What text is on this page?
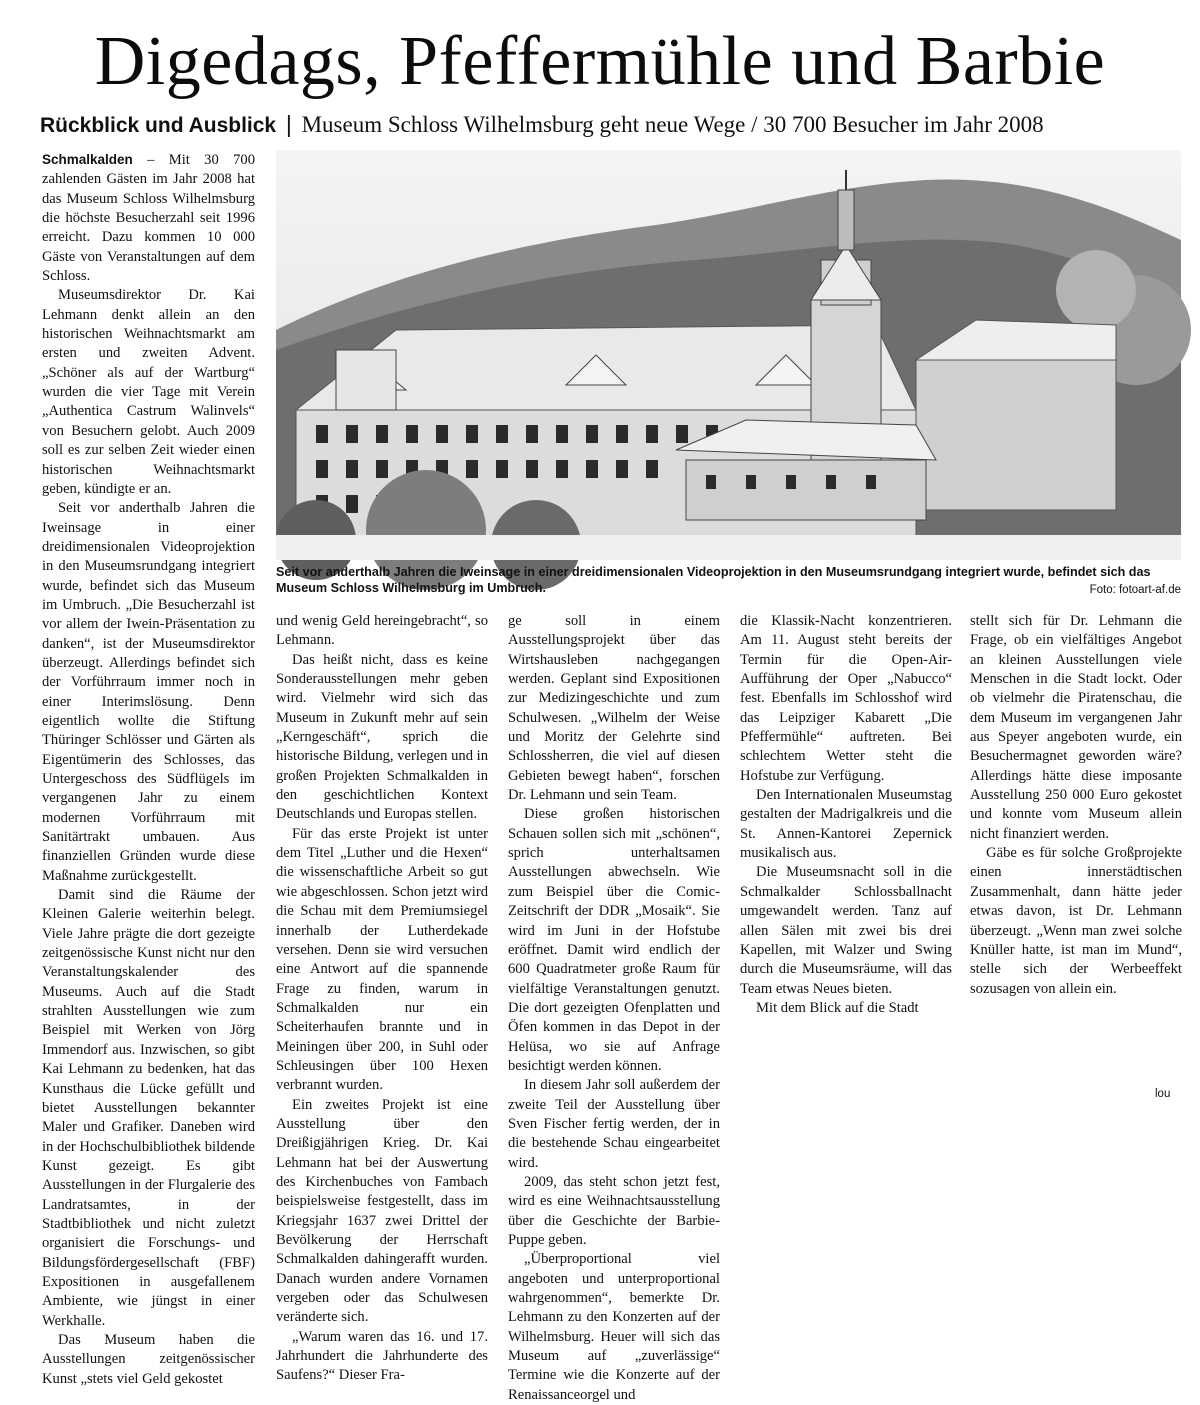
Digedags, Pfeffermühle und Barbie
Rückblick und Ausblick | Museum Schloss Wilhelmsburg geht neue Wege / 30 700 Besucher im Jahr 2008
Seit vor anderthalb Jahren die Iweinsage in einer dreidimensionalen Videoprojektion in den Museumsrundgang integriert wurde, befindet sich das Museum Schloss Wilhelmsburg im Umbruch.	Foto: fotoart-af.de

Schmalkalden – Mit 30 700 zahlenden Gästen im Jahr 2008 hat das Museum Schloss Wilhelmsburg die höchste Besucherzahl seit 1996 erreicht. Dazu kommen 10 000 Gäste von Veranstaltungen auf dem Schloss.

Museumsdirektor Dr. Kai Lehmann denkt allein an den historischen Weihnachtsmarkt am ersten und zweiten Advent. „Schöner als auf der Wartburg“ wurden die vier Tage mit Verein „Authentica Castrum Walinvels“ von Besuchern gelobt. Auch 2009 soll es zur selben Zeit wieder einen historischen Weihnachtsmarkt geben, kündigte er an.

Seit vor anderthalb Jahren die Iweinsage in einer dreidimensionalen Videoprojektion in den Museumsrundgang integriert wurde, befindet sich das Museum im Umbruch. „Die Besucherzahl ist vor allem der Iwein-Präsentation zu danken“, ist der Museumsdirektor überzeugt. Allerdings befindet sich der Vorführraum immer noch in einer Interimslösung. Denn eigentlich wollte die Stiftung Thüringer Schlösser und Gärten als Eigentümerin des Schlosses, das Untergeschoss des Südflügels im vergangenen Jahr zu einem modernen Vorführraum mit Sanitärtrakt umbauen. Aus finanziellen Gründen wurde diese Maßnahme zurückgestellt.

Damit sind die Räume der Kleinen Galerie weiterhin belegt. Viele Jahre prägte die dort gezeigte zeitgenössische Kunst nicht nur den Veranstaltungskalender des Museums. Auch auf die Stadt strahlten Ausstellungen wie zum Beispiel mit Werken von Jörg Immendorf aus. Inzwischen, so gibt Kai Lehmann zu bedenken, hat das Kunsthaus die Lücke gefüllt und bietet Ausstellungen bekannter Maler und Grafiker. Daneben wird in der Hochschulbibliothek bildende Kunst gezeigt. Es gibt Ausstellungen in der Flurgalerie des Landratsamtes, in der Stadtbibliothek und nicht zuletzt organisiert die Forschungs- und Bildungsfördergesellschaft (FBF) Expositionen in ausgefallenem Ambiente, wie jüngst in einer Werkhalle.

Das Museum haben die Ausstellungen zeitgenössischer Kunst „stets viel Geld gekostet

und wenig Geld hereingebracht“, so Lehmann.

Das heißt nicht, dass es keine Sonderausstellungen mehr geben wird. Vielmehr wird sich das Museum in Zukunft mehr auf sein „Kerngeschäft“, sprich die historische Bildung, verlegen und in großen Projekten Schmalkalden in den geschichtlichen Kontext Deutschlands und Europas stellen.

Für das erste Projekt ist unter dem Titel „Luther und die Hexen“ die wissenschaftliche Arbeit so gut wie abgeschlossen. Schon jetzt wird die Schau mit dem Premiumsiegel innerhalb der Lutherdekade versehen. Denn sie wird versuchen eine Antwort auf die spannende Frage zu finden, warum in Schmalkalden nur ein Scheiterhaufen brannte und in Meiningen über 200, in Suhl oder Schleusingen über 100 Hexen verbrannt wurden.

Ein zweites Projekt ist eine Ausstellung über den Dreißigjährigen Krieg. Dr. Kai Lehmann hat bei der Auswertung des Kirchenbuches von Fambach beispielsweise festgestellt, dass im Kriegsjahr 1637 zwei Drittel der Bevölkerung der Herrschaft Schmalkalden dahingerafft wurden. Danach wurden andere Vornamen vergeben oder das Schulwesen veränderte sich.

„Warum waren das 16. und 17. Jahrhundert die Jahrhunderte des Saufens?“ Dieser Fra-

ge soll in einem Ausstellungsprojekt über das Wirtshausleben nachgegangen werden. Geplant sind Expositionen zur Medizingeschichte und zum Schulwesen. „Wilhelm der Weise und Moritz der Gelehrte sind Schlossherren, die viel auf diesen Gebieten bewegt haben“, forschen Dr. Lehmann und sein Team.

Diese großen historischen Schauen sollen sich mit „schönen“, sprich unterhaltsamen Ausstellungen abwechseln. Wie zum Beispiel über die Comic-Zeitschrift der DDR „Mosaik“. Sie wird im Juni in der Hofstube eröffnet. Damit wird endlich der 600 Quadratmeter große Raum für vielfältige Veranstaltungen genutzt. Die dort gezeigten Ofenplatten und Öfen kommen in das Depot in der Helüsa, wo sie auf Anfrage besichtigt werden können.

In diesem Jahr soll außerdem der zweite Teil der Ausstellung über Sven Fischer fertig werden, der in die bestehende Schau eingearbeitet wird.

2009, das steht schon jetzt fest, wird es eine Weihnachtsausstellung über die Geschichte der Barbie-Puppe geben.

„Überproportional viel angeboten und unterproportional wahrgenommen“, bemerkte Dr. Lehmann zu den Konzerten auf der Wilhelmsburg. Heuer will sich das Museum auf „zuverlässige“ Termine wie die Konzerte auf der Renaissanceorgel und

die Klassik-Nacht konzentrieren. Am 11. August steht bereits der Termin für die Open-Air-Aufführung der Oper „Nabucco“ fest. Ebenfalls im Schlosshof wird das Leipziger Kabarett „Die Pfeffermühle“ auftreten. Bei schlechtem Wetter steht die Hofstube zur Verfügung.

Den Internationalen Museumstag gestalten der Madrigalkreis und die St. Annen-Kantorei Zepernick musikalisch aus.

Die Museumsnacht soll in die Schmalkalder Schlossballnacht umgewandelt werden. Tanz auf allen Sälen mit zwei bis drei Kapellen, mit Walzer und Swing durch die Museumsräume, will das Team etwas Neues bieten.

Mit dem Blick auf die Stadt

stellt sich für Dr. Lehmann die Frage, ob ein vielfältiges Angebot an kleinen Ausstellungen viele Menschen in die Stadt lockt. Oder ob vielmehr die Piratenschau, die dem Museum im vergangenen Jahr aus Speyer angeboten wurde, ein Besuchermagnet geworden wäre? Allerdings hätte diese imposante Ausstellung 250 000 Euro gekostet und konnte vom Museum allein nicht finanziert werden.

Gäbe es für solche Großprojekte einen innerstädtischen Zusammenhalt, dann hätte jeder etwas davon, ist Dr. Lehmann überzeugt. „Wenn man zwei solche Knüller hatte, ist man im Mund“, stelle sich der Werbeeffekt sozusagen von allein ein.

lou
